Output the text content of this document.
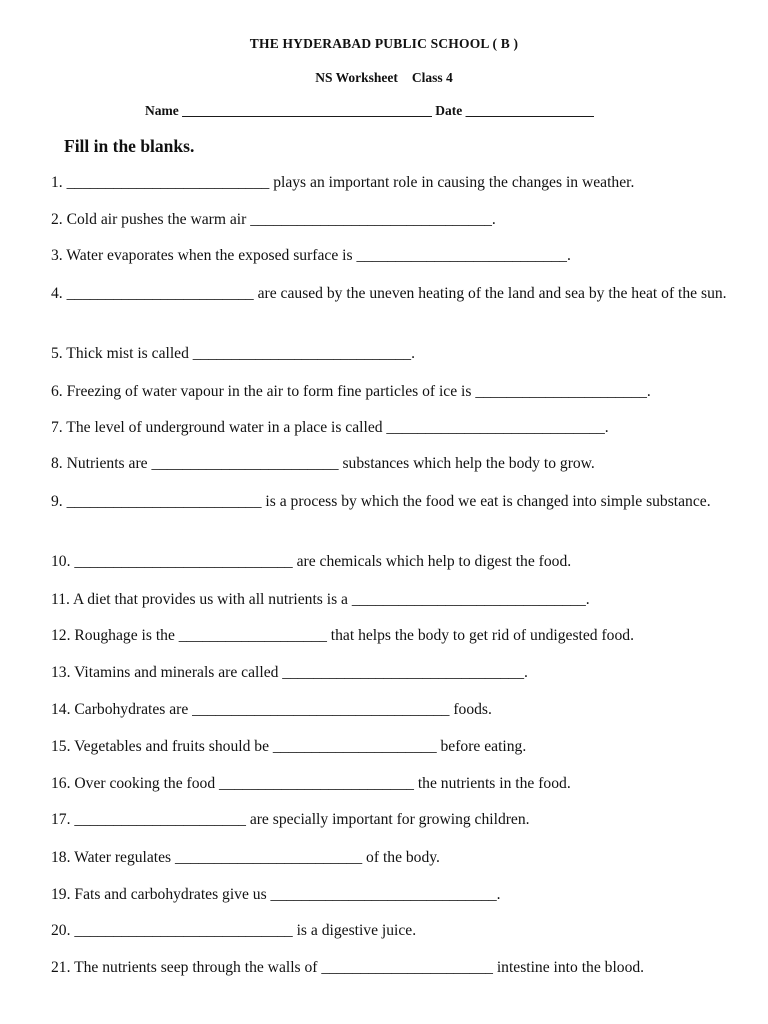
THE HYDERABAD PUBLIC SCHOOL ( B )
NS Worksheet Class 4
Name _____________________________________ Date ___________________
Fill in the blanks.
1. __________________________ plays an important role in causing the changes in weather.
2. Cold air pushes the warm air _______________________________.
3. Water evaporates when the exposed surface is ___________________________.
4. ________________________ are caused by the uneven heating of the land and sea by the heat of the sun.
5. Thick mist is called ____________________________.
6. Freezing of water vapour in the air to form fine particles of ice is ______________________.
7. The level of underground water in a place is called ____________________________.
8. Nutrients are ________________________ substances which help the body to grow.
9. _________________________ is a process by which the food we eat is changed into simple substance.
10. ____________________________ are chemicals which help to digest the food.
11. A diet that provides us with all nutrients is a ______________________________.
12. Roughage is the ___________________ that helps the body to get rid of undigested food.
13. Vitamins and minerals are called _______________________________.
14. Carbohydrates are _________________________________ foods.
15. Vegetables and fruits should be _____________________ before eating.
16. Over cooking the food _________________________ the nutrients in the food.
17. ______________________ are specially important for growing children.
18. Water regulates ________________________ of the body.
19. Fats and carbohydrates give us _____________________________.
20. ____________________________ is a digestive juice.
21. The nutrients seep through the walls of ______________________ intestine into the blood.
